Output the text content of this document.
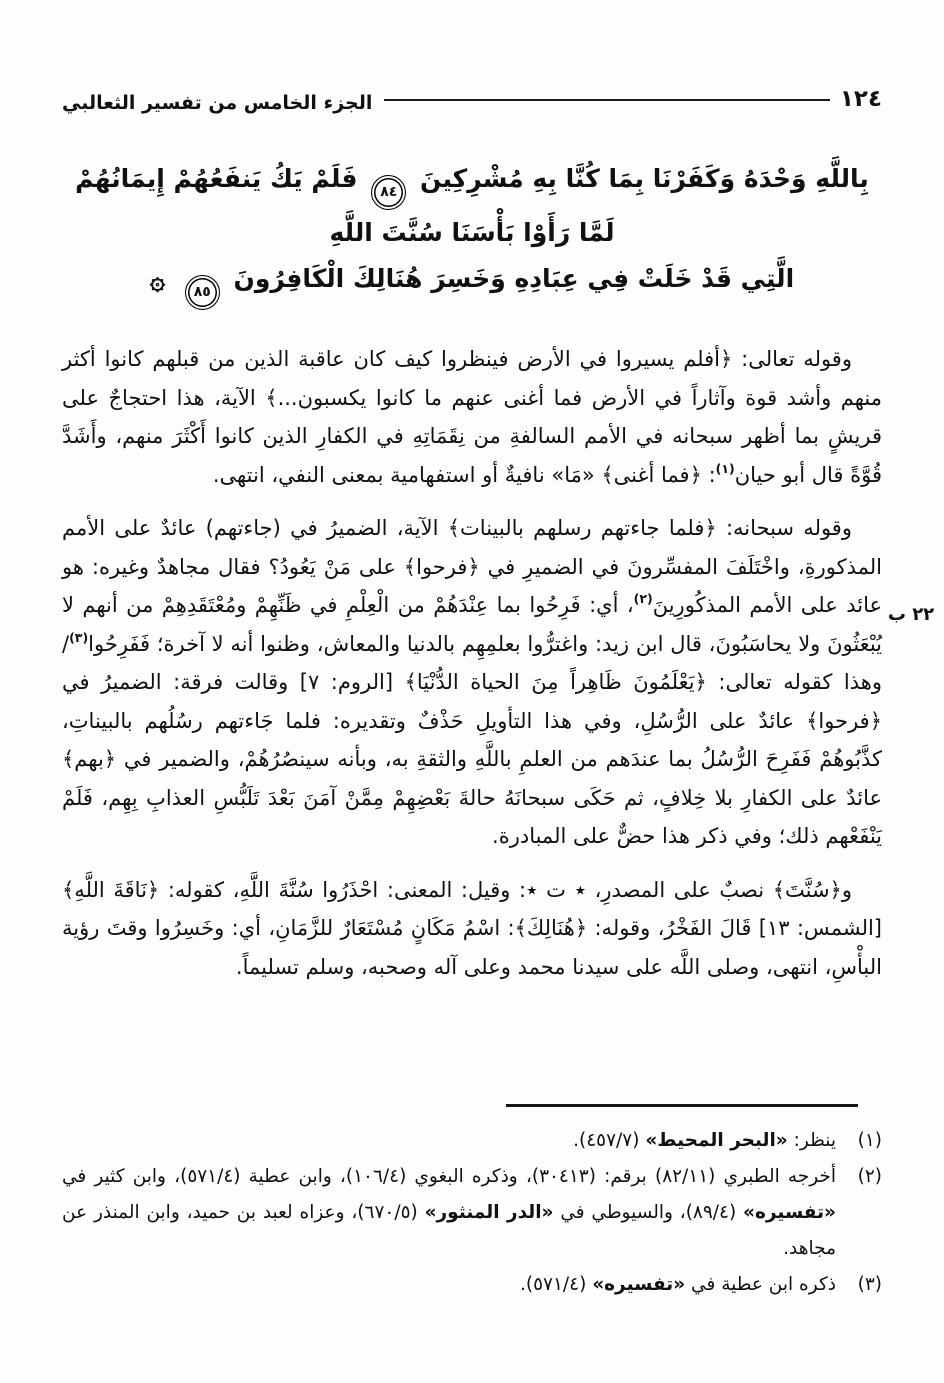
١٢٤
الجزء الخامس من تفسير الثعالبي
بِاللَّهِ وَحْدَهُ وَكَفَرْنَا بِمَا كُنَّا بِهِ مُشْرِكِينَ ٨٤ فَلَمْ يَكُ يَنفَعُهُمْ إِيمَانُهُمْ لَمَّا رَأَوْا بَأْسَنَا سُنَّتَ اللَّهِ
الَّتِي قَدْ خَلَتْ فِي عِبَادِهِ وَخَسِرَ هُنَالِكَ الْكَافِرُونَ ٨٥ ۞

وقوله تعالى: ﴿أفلم يسيروا في الأرض فينظروا كيف كان عاقبة الذين من قبلهم كانوا أكثر منهم وأشد قوة وآثاراً في الأرض فما أغنى عنهم ما كانوا يكسبون...﴾ الآية، هذا احتجاجٌ على قريشٍ بما أظهر سبحانه في الأمم السالفةِ من نِقَمَاتِهِ في الكفارِ الذين كانوا أَكْثَرَ منهم، وأَشَدَّ قُوَّةً قال أبو حيان$^{(١)}$: ﴿فما أغنى﴾ «مَا» نافيةٌ أو استفهامية بمعنى النفي، انتهى.

وقوله سبحانه: ﴿فلما جاءتهم رسلهم بالبينات﴾ الآية، الضميرُ في (جاءتهم) عائدٌ على الأمم المذكورةِ، واخْتَلَفَ المفسِّرونَ في الضميرِ في ﴿فرحوا﴾ على مَنْ يَعُودُ؟ فقال مجاهدٌ وغيره: هو عائد على الأمم المذكُورِينَ$^{(٢)}$، أي: فَرِحُوا بما عِنْدَهُمْ من الْعِلْمِ في ظَنِّهِمْ ومُعْتَقَدِهِمْ من أنهم لا يُبْعَثُونَ ولا يحاسَبُونَ، قال ابن زيد: واغترُّوا بعلمِهِم بالدنيا والمعاش، وظنوا أنه لا آخرة؛ فَفَرِحُوا$^{(٣)}$/ وهذا كقوله تعالى: ﴿يَعْلَمُونَ ظَاهِراً مِنَ الحياة الدُّنْيَا﴾ [الروم: ٧] وقالت فرقة: الضميرُ في ﴿فرحوا﴾ عائدٌ على الرُّسُلِ، وفي هذا التأويلِ حَذْفٌ وتقديره: فلما جَاءتهم رسُلُهم بالبيناتِ، كذَّبُوهُمْ فَفَرِحَ الرُّسُلُ بما عندَهم من العلمِ باللَّهِ والثقةِ به، وبأنه سينصُرُهُمْ، والضمير في ﴿بهم﴾ عائدٌ على الكفارِ بلا خِلافٍ، ثم حَكَى سبحانَهُ حالةَ بَعْضِهِمْ مِمَّنْ آمَنَ بَعْدَ تَلَبُّسِ العذابِ بِهِم، فَلَمْ يَنْفَعْهم ذلك؛ وفي ذكر هذا حضٌّ على المبادرة.

و﴿سُنَّتَ﴾ نصبٌ على المصدرِ، ٭ ت ٭: وقيل: المعنى: احْذَرُوا سُنَّةَ اللَّهِ، كقوله: ﴿نَاقَةَ اللَّهِ﴾ [الشمس: ١٣] قَالَ الفَخْرُ، وقوله: ﴿هُنَالِكَ﴾: اسْمُ مَكَانٍ مُسْتَعَارٌ للزَّمَانِ، أي: وخَسِرُوا وقتَ رؤية البأْسِ، انتهى، وصلى اللَّه على سيدنا محمد وعلى آله وصحبه، وسلم تسليماً.

٢٢ ب
(١)
ينظر: «البحر المحيط» (٤٥٧/٧).
(٢)
أخرجه الطبري (٨٢/١١) برقم: (٣٠٤١٣)، وذكره البغوي (١٠٦/٤)، وابن عطية (٥٧١/٤)، وابن كثير في «تفسيره» (٨٩/٤)، والسيوطي في «الدر المنثور» (٦٧٠/٥)، وعزاه لعبد بن حميد، وابن المنذر عن مجاهد.
(٣)
ذكره ابن عطية في «تفسيره» (٥٧١/٤).
